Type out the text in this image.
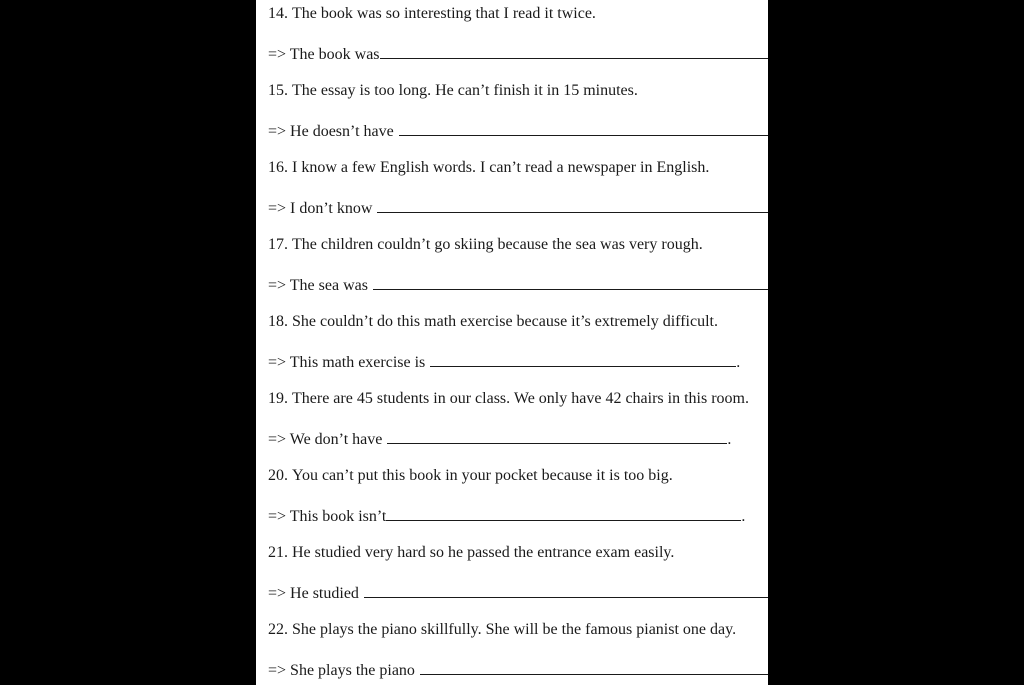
14. The book was so interesting that I read it twice.
=> The book was
15. The essay is too long. He can’t finish it in 15 minutes.
=> He doesn’t have
16. I know a few English words. I can’t read a newspaper in English.
=> I don’t know
17. The children couldn’t go skiing because the sea was very rough.
=> The sea was
18. She couldn’t do this math exercise because it’s extremely difficult.
=> This math exercise is	.
19. There are 45 students in our class. We only have 42 chairs in this room.
=> We don’t have	.
20. You can’t put this book in your pocket because it is too big.
=> This book isn’t	.
21. He studied very hard so he passed the entrance exam easily.
=> He studied
22. She plays the piano skillfully. She will be the famous pianist one day.
=> She plays the piano
